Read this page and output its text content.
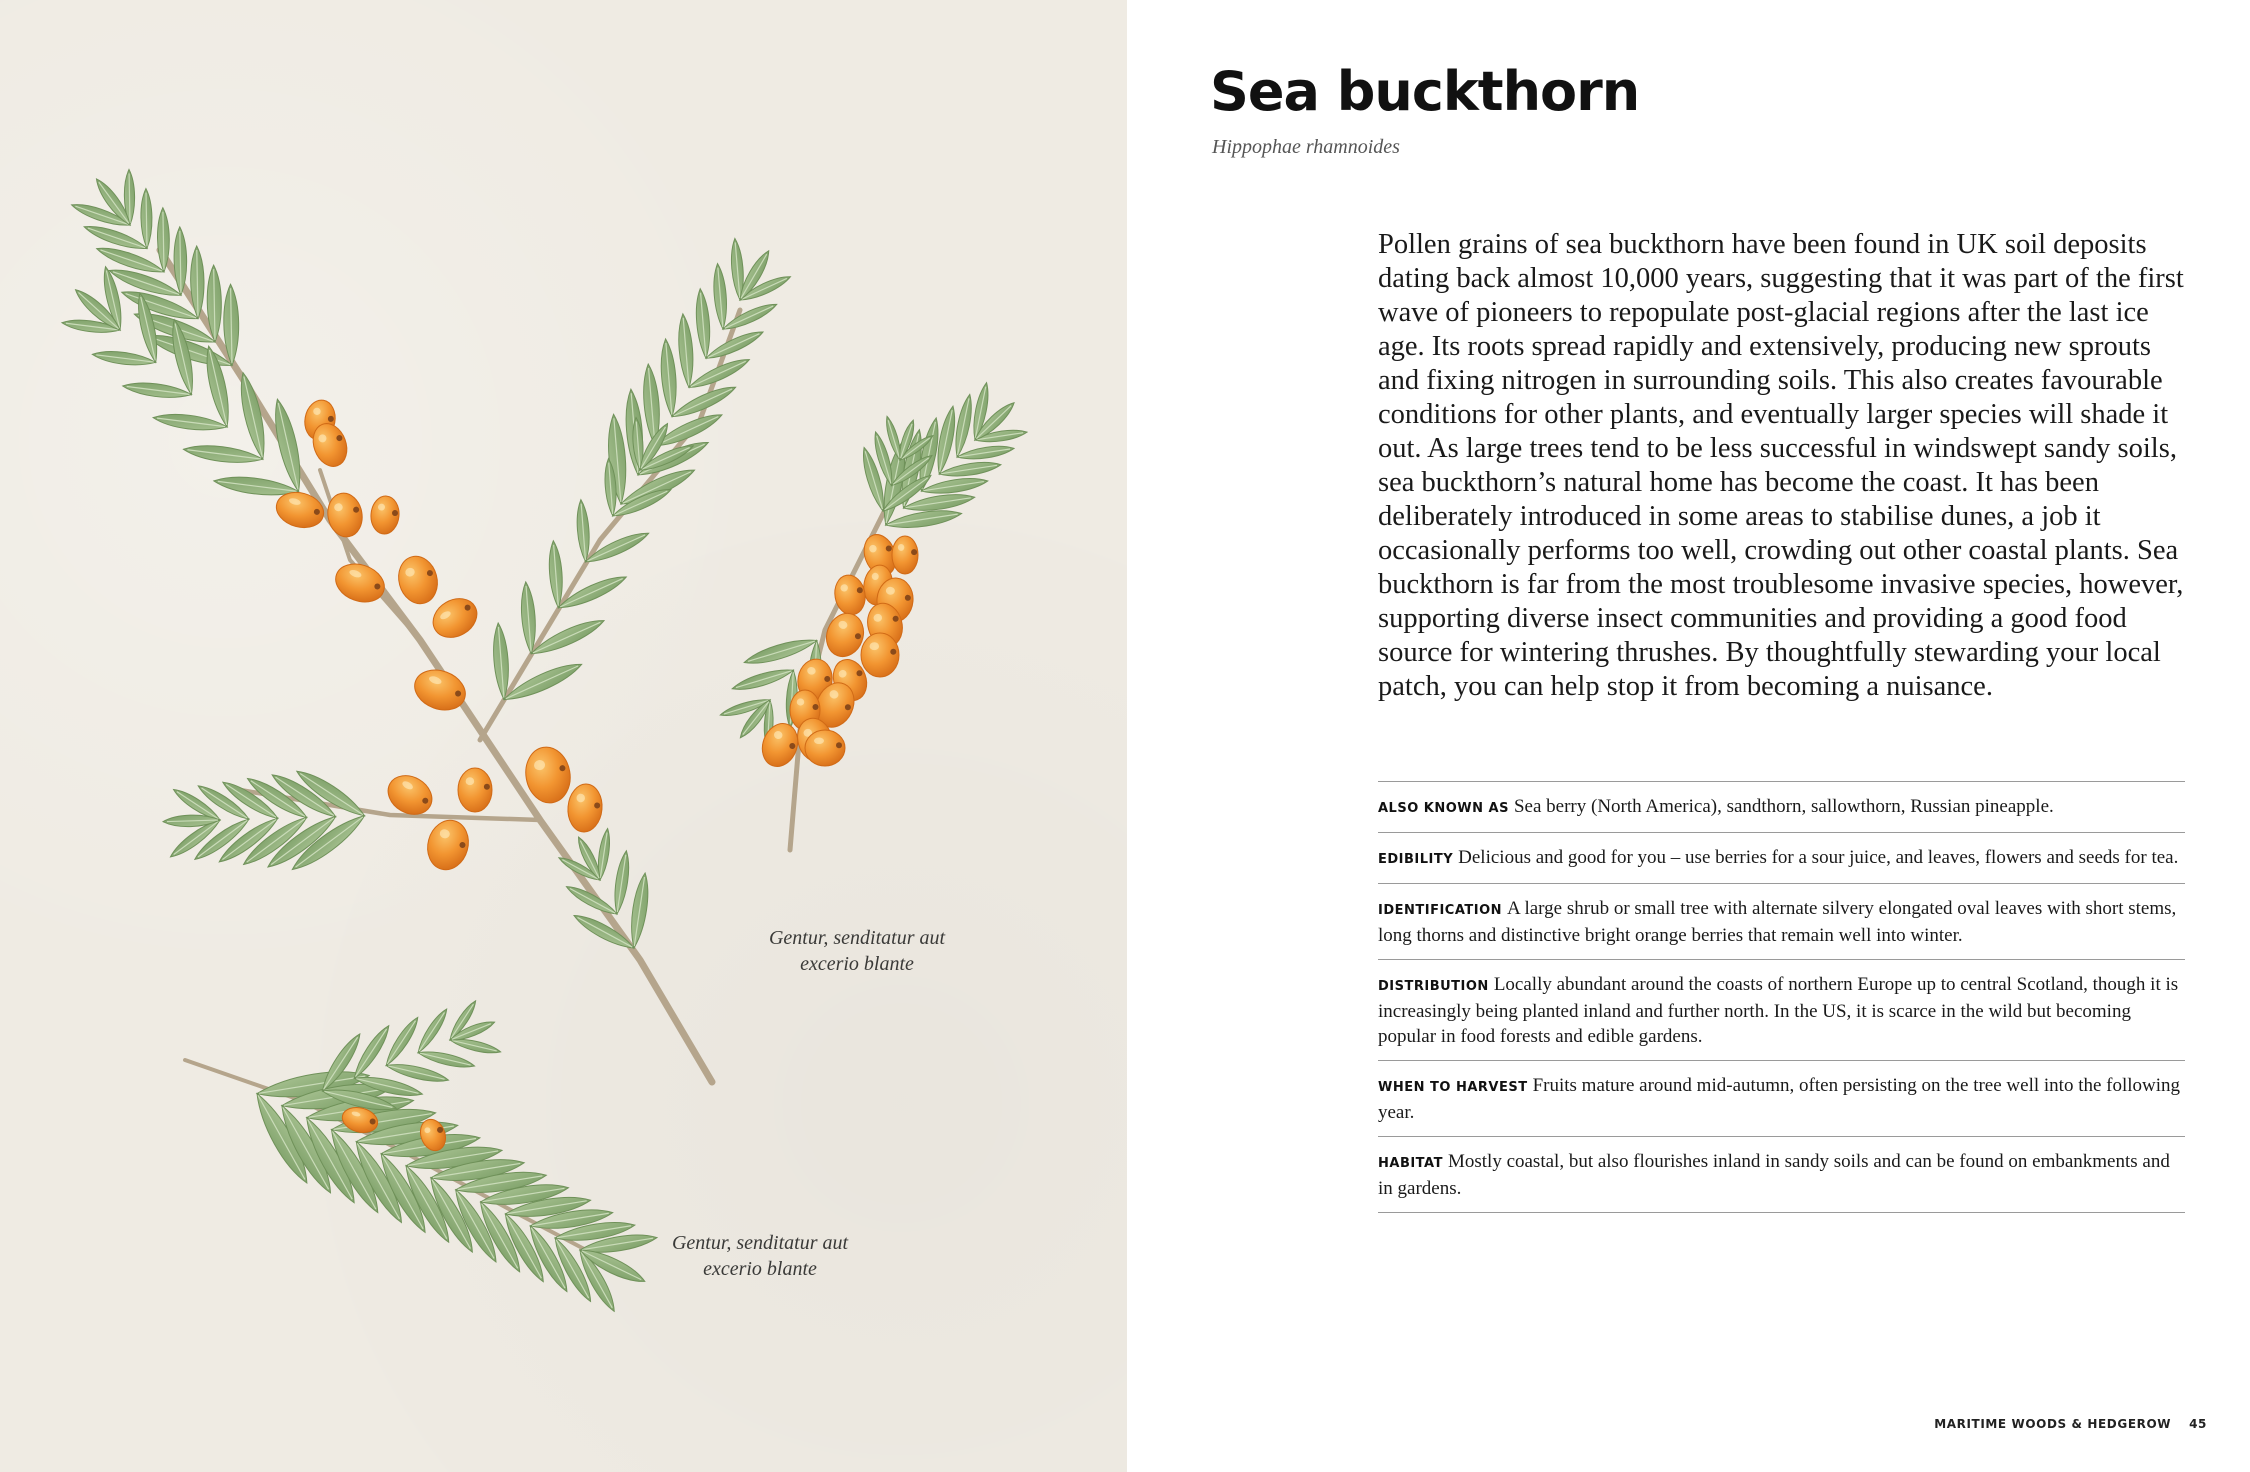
Gentur, senditatur aut
excerio blante
Gentur, senditatur aut
excerio blante
Sea buckthorn
Hippophae rhamnoides

Pollen grains of sea buckthorn have been found in UK soil deposits dating back almost 10,000 years, suggesting that it was part of the first wave of pioneers to repopulate post-glacial regions after the last ice age. Its roots spread rapidly and extensively, producing new sprouts and fixing nitrogen in surrounding soils. This also creates favourable conditions for other plants, and eventually larger species will shade it out. As large trees tend to be less successful in windswept sandy soils, sea buckthorn’s natural home has become the coast. It has been deliberately introduced in some areas to stabilise dunes, a job it occasionally performs too well, crowding out other coastal plants. Sea buckthorn is far from the most troublesome invasive species, however, supporting diverse insect communities and providing a good food source for wintering thrushes. By thoughtfully stewarding your local patch, you can help stop it from becoming a nuisance.

ALSO KNOWN AS Sea berry (North America), sandthorn, sallowthorn, Russian pineapple.
EDIBILITY Delicious and good for you – use berries for a sour juice, and leaves, flowers and seeds for tea.
IDENTIFICATION A large shrub or small tree with alternate silvery elongated oval leaves with short stems, long thorns and distinctive bright orange berries that remain well into winter.
DISTRIBUTION Locally abundant around the coasts of northern Europe up to central Scotland, though it is increasingly being planted inland and further north. In the US, it is scarce in the wild but becoming popular in food forests and edible gardens.
WHEN TO HARVEST Fruits mature around mid-autumn, often persisting on the tree well into the following year.
HABITAT Mostly coastal, but also flourishes inland in sandy soils and can be found on embankments and in gardens.
MARITIME WOODS & HEDGEROW 45
